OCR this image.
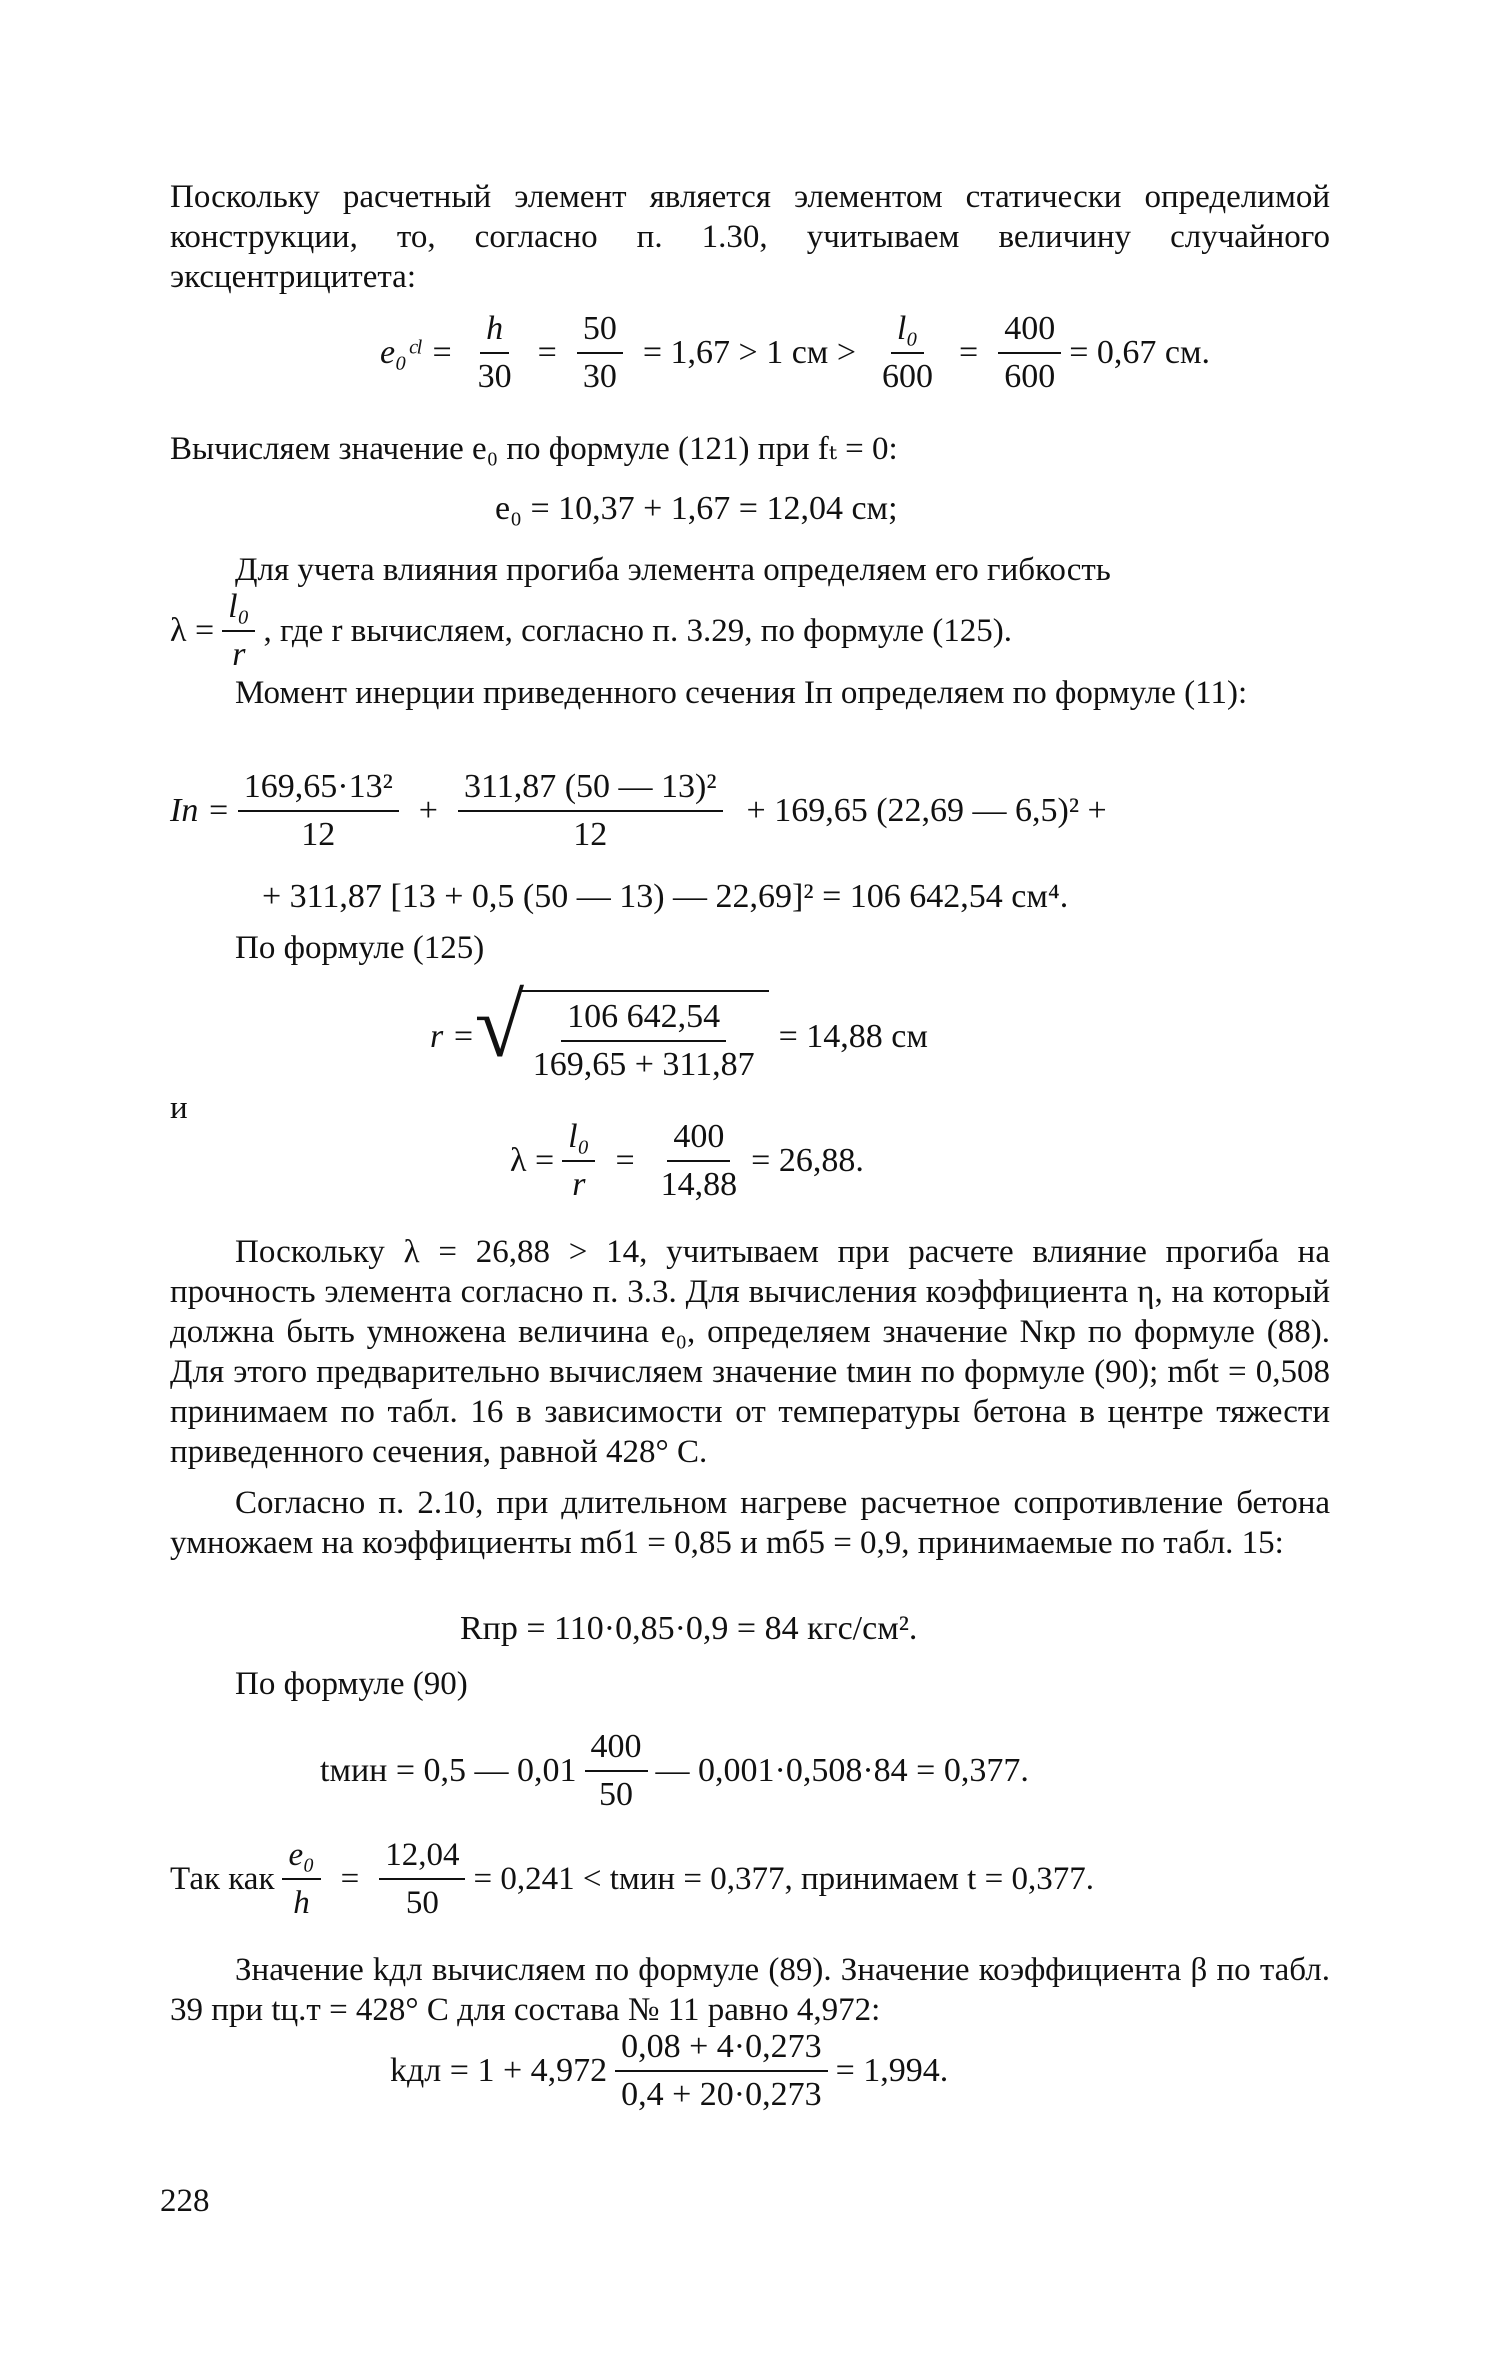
Поскольку расчетный элемент является элементом статически определимой конструкции, то, согласно п. 1.30, учитываем величину случайного эксцентрицитета:

e₀ᶜˡ = $\frac{h}{30} = \frac{50}{30} = 1,67 > 1$ см > $\frac{\text{l₀}}{600} = \frac{400}{600} = 0,67$ см.
Вычисляем значение e₀ по формуле (121) при fₜ = 0:
e₀ = 10,37 + 1,67 = 12,04 см;
Для учета влияния прогиба элемента определяем его гибкость
$\lambda = \frac{\text{l₀}}{r}$ , где r вычисляем, согласно п. 3.29, по формуле (125).

Момент инерции приведенного сечения Iп определяем по формуле (11):

Iп = $\frac{\text{169,65·13²}}{12} + \frac{\text{311,87 (50 — 13)²}}{12} + 169,65$ (22,69 — 6,5)² +
+ 311,87 [13 + 0,5 (50 — 13) — 22,69]² = 106 642,54 см⁴.
По формуле (125)
r = √ $\frac{106 642,54}{169,65 + 311,87} = 14,88$ см
и
$\lambda = \frac{\text{l₀}}{r} = \frac{400}{14,88} = 26,88$.

Поскольку λ = 26,88 > 14, учитываем при расчете влияние прогиба на прочность элемента согласно п. 3.3. Для вычисления коэффициента η, на который должна быть умножена величина e₀, определяем значение Nкр по формуле (88). Для этого предварительно вычисляем значение tмин по формуле (90); mбt = 0,508 принимаем по табл. 16 в зависимости от температуры бетона в центре тяжести приведенного сечения, равной 428° С.

Согласно п. 2.10, при длительном нагреве расчетное сопротивление бетона умножаем на коэффициенты mб1 = 0,85 и mб5 = 0,9, принимаемые по табл. 15:

Rпр = 110·0,85·0,9 = 84 кгс/см².
По формуле (90)
tмин = 0,5 — $0,01 \frac{400}{50}$ — 0,001·0,508·84 = 0,377.
Так как $\frac{\text{e₀}}{h} = \frac{12,04}{50} = 0,241$ < tмин = 0,377, принимаем t = 0,377.

Значение kдл вычисляем по формуле (89). Значение коэффициента β по табл. 39 при tц.т = 428° С для состава № 11 равно 4,972:

kдл = $1 + 4,972 \frac{0,08 + 4\cdot 0,273}{0,4 + 20\cdot 0,273} = 1,994$.
228
